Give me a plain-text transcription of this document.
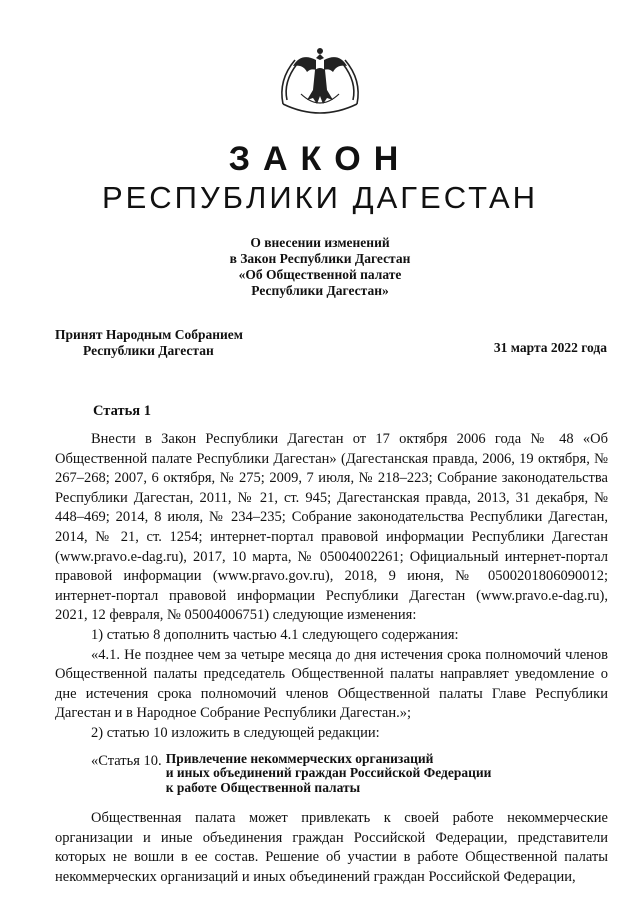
ЗАКОН
РЕСПУБЛИКИ ДАГЕСТАН
О внесении изменений
в Закон Республики Дагестан
«Об Общественной палате
Республики Дагестан»
Принят Народным Собранием
Республики Дагестан	31 марта 2022 года
Статья 1

Внести в Закон Республики Дагестан от 17 октября 2006 года № 48 «Об Общественной палате Республики Дагестан» (Дагестанская правда, 2006, 19 октября, № 267–268; 2007, 6 октября, № 275; 2009, 7 июля, № 218–223; Собрание законодательства Республики Дагестан, 2011, № 21, ст. 945; Дагестанская правда, 2013, 31 декабря, № 448–469; 2014, 8 июля, № 234–235; Собрание законодательства Республики Дагестан, 2014, № 21, ст. 1254; интернет-портал правовой информации Республики Дагестан (www.pravo.e-dag.ru), 2017, 10 марта, № 05004002261; Официальный интернет-портал правовой информации (www.pravo.gov.ru), 2018, 9 июня, № 0500201806090012; интернет-портал правовой информации Республики Дагестан (www.pravo.e-dag.ru), 2021, 12 февраля, № 05004006751) следующие изменения:

1) статью 8 дополнить частью 4.1 следующего содержания:

«4.1. Не позднее чем за четыре месяца до дня истечения срока полномочий членов Общественной палаты председатель Общественной палаты направляет уведомление о дне истечения срока полномочий членов Общественной палаты Главе Республики Дагестан и в Народное Собрание Республики Дагестан.»;

2) статью 10 изложить в следующей редакции:

«Статья 10. Привлечение некоммерческих организаций
и иных объединений граждан Российской Федерации
к работе Общественной палаты

Общественная палата может привлекать к своей работе некоммерческие организации и иные объединения граждан Российской Федерации, представители которых не вошли в ее состав. Решение об участии в работе Общественной палаты некоммерческих организаций и иных объединений граждан Российской Федерации,
